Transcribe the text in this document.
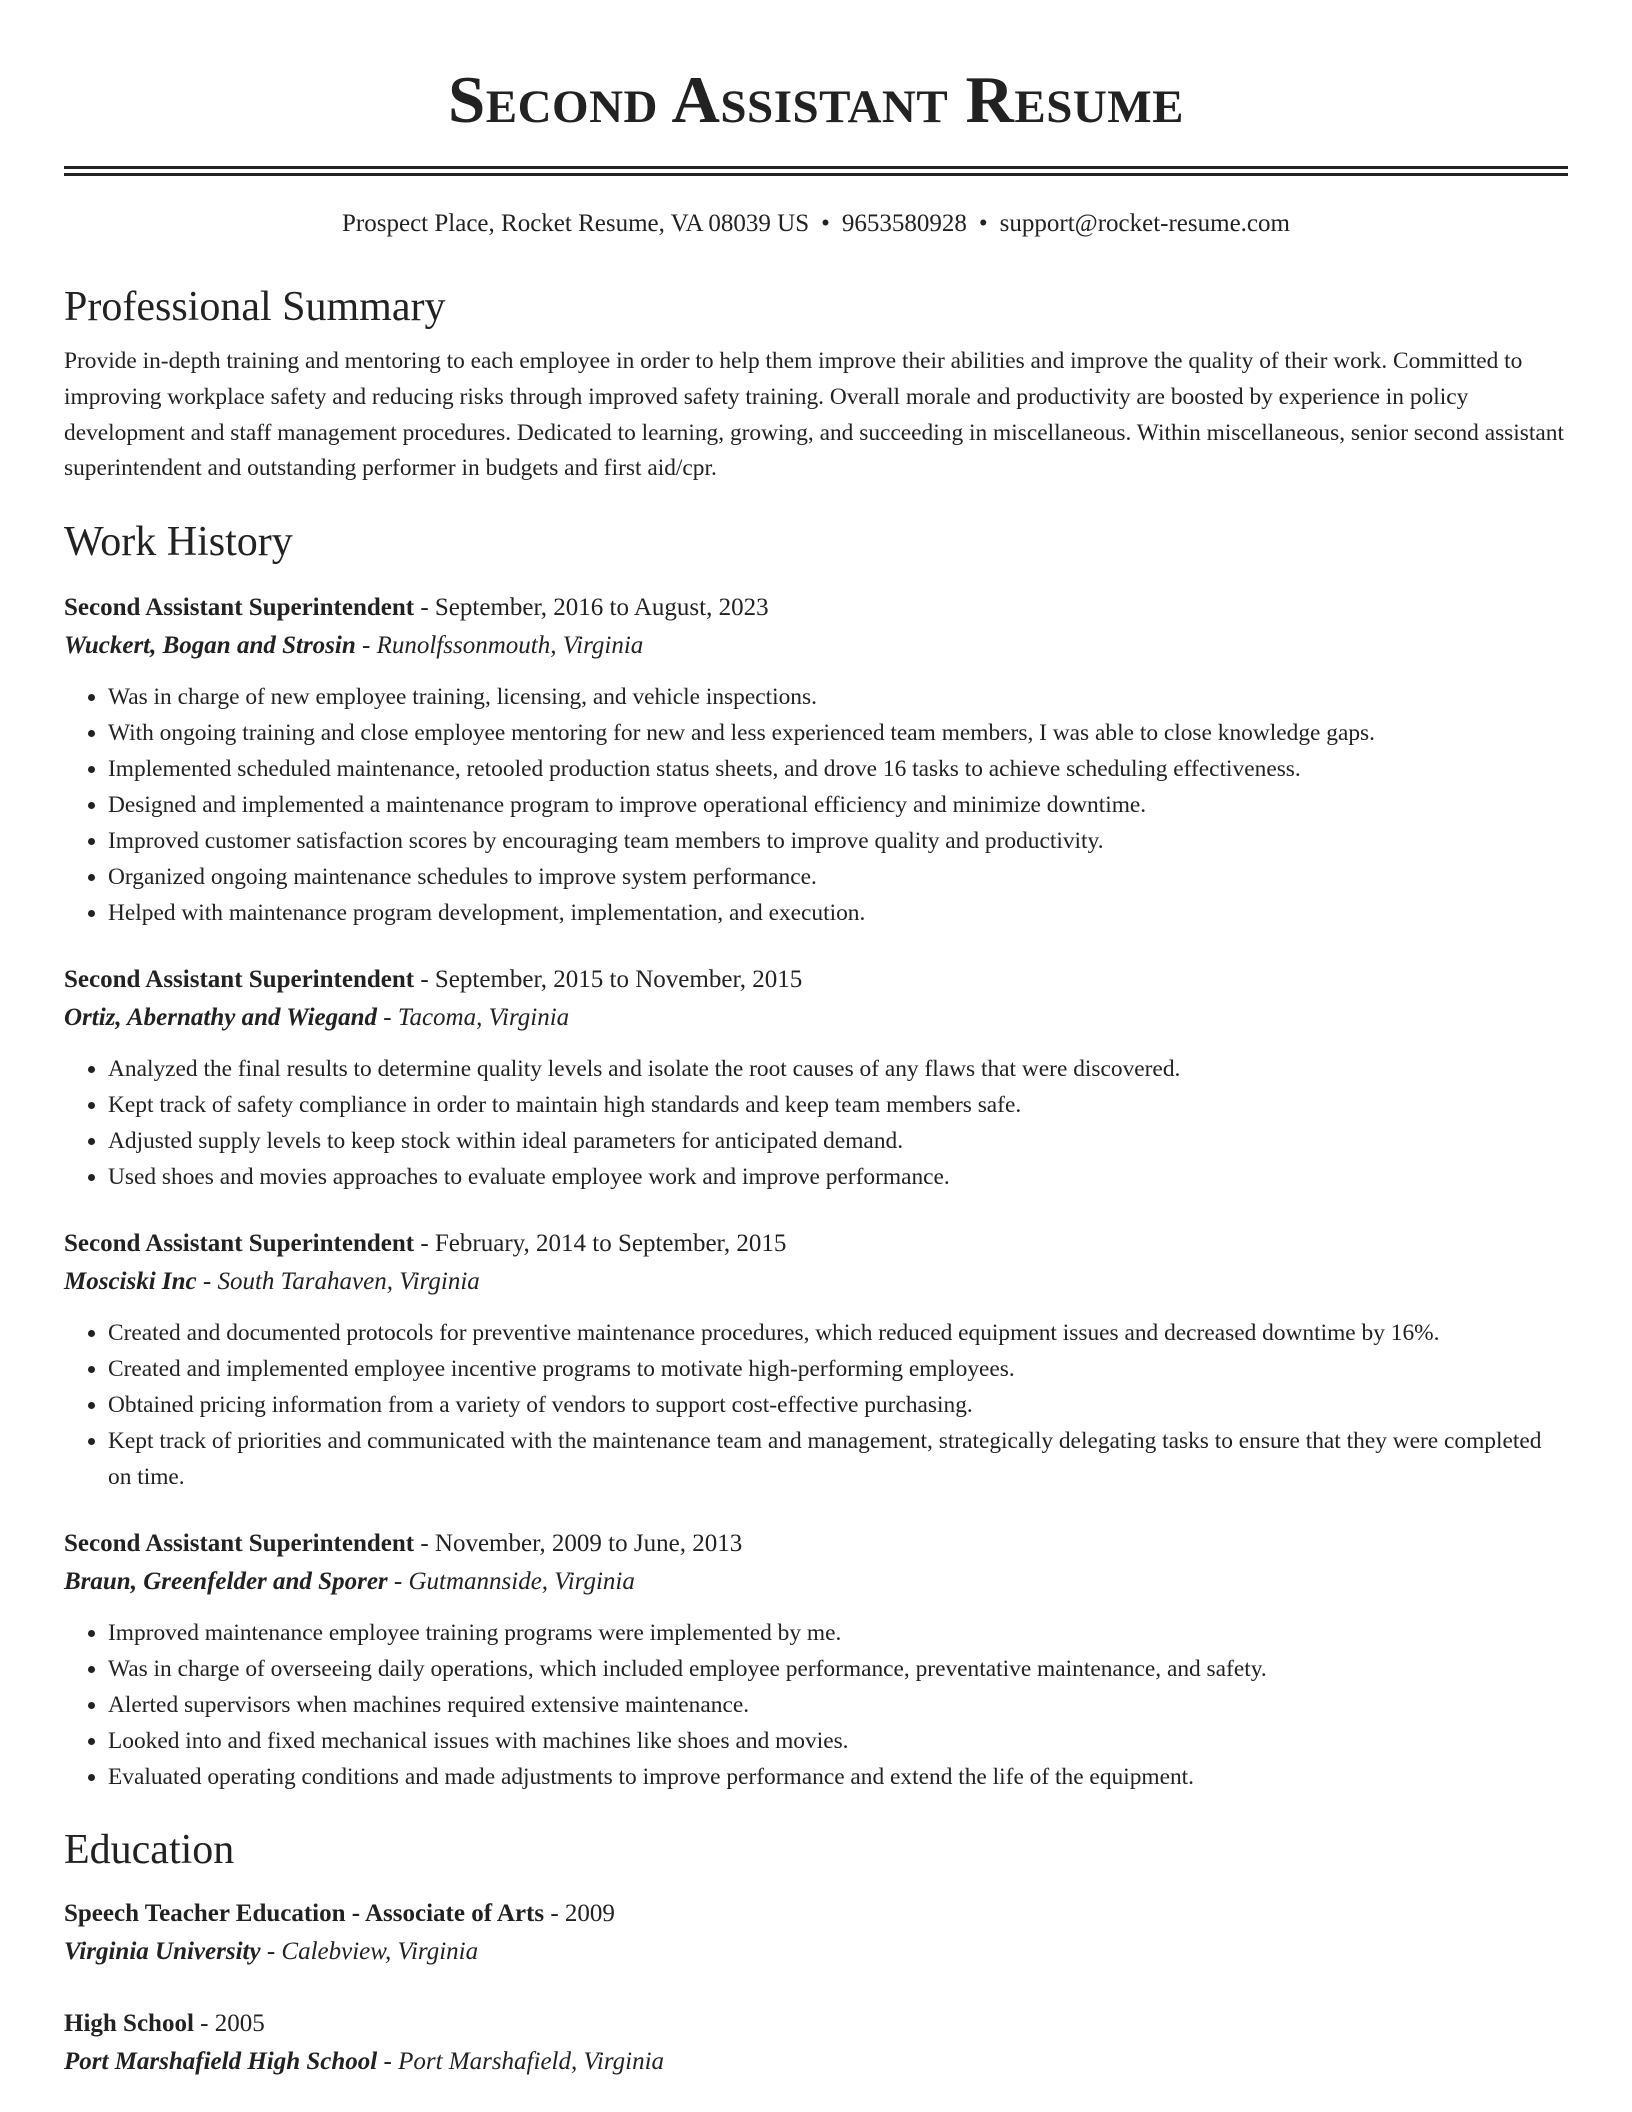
Second Assistant Resume
Prospect Place, Rocket Resume, VA 08039 US • 9653580928 • support@rocket-resume.com
Professional Summary

Provide in-depth training and mentoring to each employee in order to help them improve their abilities and improve the quality of their work. Committed to improving workplace safety and reducing risks through improved safety training. Overall morale and productivity are boosted by experience in policy development and staff management procedures. Dedicated to learning, growing, and succeeding in miscellaneous. Within miscellaneous, senior second assistant superintendent and outstanding performer in budgets and first aid/cpr.

Work History
Second Assistant Superintendent - September, 2016 to August, 2023
Wuckert, Bogan and Strosin - Runolfssonmouth, Virginia
• Was in charge of new employee training, licensing, and vehicle inspections.
• With ongoing training and close employee mentoring for new and less experienced team members, I was able to close knowledge gaps.
• Implemented scheduled maintenance, retooled production status sheets, and drove 16 tasks to achieve scheduling effectiveness.
• Designed and implemented a maintenance program to improve operational efficiency and minimize downtime.
• Improved customer satisfaction scores by encouraging team members to improve quality and productivity.
• Organized ongoing maintenance schedules to improve system performance.
• Helped with maintenance program development, implementation, and execution.
Second Assistant Superintendent - September, 2015 to November, 2015
Ortiz, Abernathy and Wiegand - Tacoma, Virginia
• Analyzed the final results to determine quality levels and isolate the root causes of any flaws that were discovered.
• Kept track of safety compliance in order to maintain high standards and keep team members safe.
• Adjusted supply levels to keep stock within ideal parameters for anticipated demand.
• Used shoes and movies approaches to evaluate employee work and improve performance.
Second Assistant Superintendent - February, 2014 to September, 2015
Mosciski Inc - South Tarahaven, Virginia
• Created and documented protocols for preventive maintenance procedures, which reduced equipment issues and decreased downtime by 16%.
• Created and implemented employee incentive programs to motivate high-performing employees.
• Obtained pricing information from a variety of vendors to support cost-effective purchasing.
• Kept track of priorities and communicated with the maintenance team and management, strategically delegating tasks to ensure that they were completed on time.
Second Assistant Superintendent - November, 2009 to June, 2013
Braun, Greenfelder and Sporer - Gutmannside, Virginia
• Improved maintenance employee training programs were implemented by me.
• Was in charge of overseeing daily operations, which included employee performance, preventative maintenance, and safety.
• Alerted supervisors when machines required extensive maintenance.
• Looked into and fixed mechanical issues with machines like shoes and movies.
• Evaluated operating conditions and made adjustments to improve performance and extend the life of the equipment.
Education
Speech Teacher Education - Associate of Arts - 2009
Virginia University - Calebview, Virginia
High School - 2005
Port Marshafield High School - Port Marshafield, Virginia
